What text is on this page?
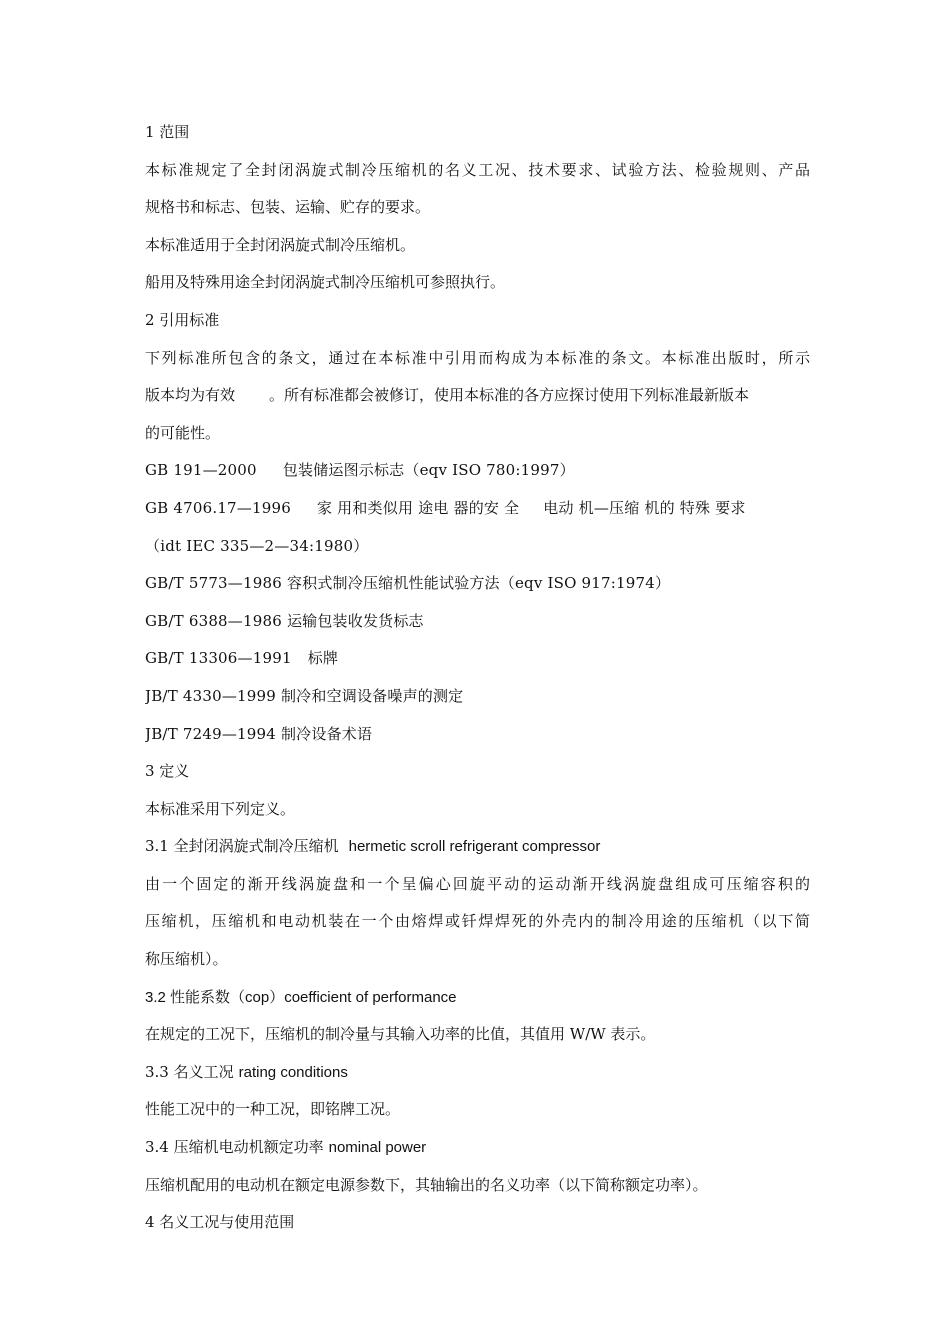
1 范围
本标准规定了全封闭涡旋式制冷压缩机的名义工况、技术要求、试验方法、检验规则、产品
规格书和标志、包装、运输、贮存的要求。
本标准适用于全封闭涡旋式制冷压缩机。
船用及特殊用途全封闭涡旋式制冷压缩机可参照执行。
2 引用标准
下列标准所包含的条文，通过在本标准中引用而构成为本标准的条文。本标准出版时，所示
版本均为有效 。所有标准都会被修订，使用本标准的各方应探讨使用下列标准最新版本
的可能性。
GB 191—2000 包装储运图示标志（eqv ISO 780:1997）
GB 4706.17—1996 家 用和类似用 途电 器的安 全 电动 机—压缩 机的 特殊 要求
（idt IEC 335—2—34:1980）
GB/T 5773—1986 容积式制冷压缩机性能试验方法（eqv ISO 917:1974）
GB/T 6388—1986 运输包装收发货标志
GB/T 13306—1991 标牌
JB/T 4330—1999 制冷和空调设备噪声的测定
JB/T 7249—1994 制冷设备术语
3 定义
本标准采用下列定义。
3.1 全封闭涡旋式制冷压缩机 hermetic scroll refrigerant compressor
由一个固定的渐开线涡旋盘和一个呈偏心回旋平动的运动渐开线涡旋盘组成可压缩容积的
压缩机，压缩机和电动机装在一个由熔焊或钎焊焊死的外壳内的制冷用途的压缩机（以下简
称压缩机）。
3.2 性能系数（cop）coefficient of performance
在规定的工况下，压缩机的制冷量与其输入功率的比值，其值用 W/W 表示。
3.3 名义工况 rating conditions
性能工况中的一种工况，即铭牌工况。
3.4 压缩机电动机额定功率 nominal power
压缩机配用的电动机在额定电源参数下，其轴输出的名义功率（以下简称额定功率）。
4 名义工况与使用范围
